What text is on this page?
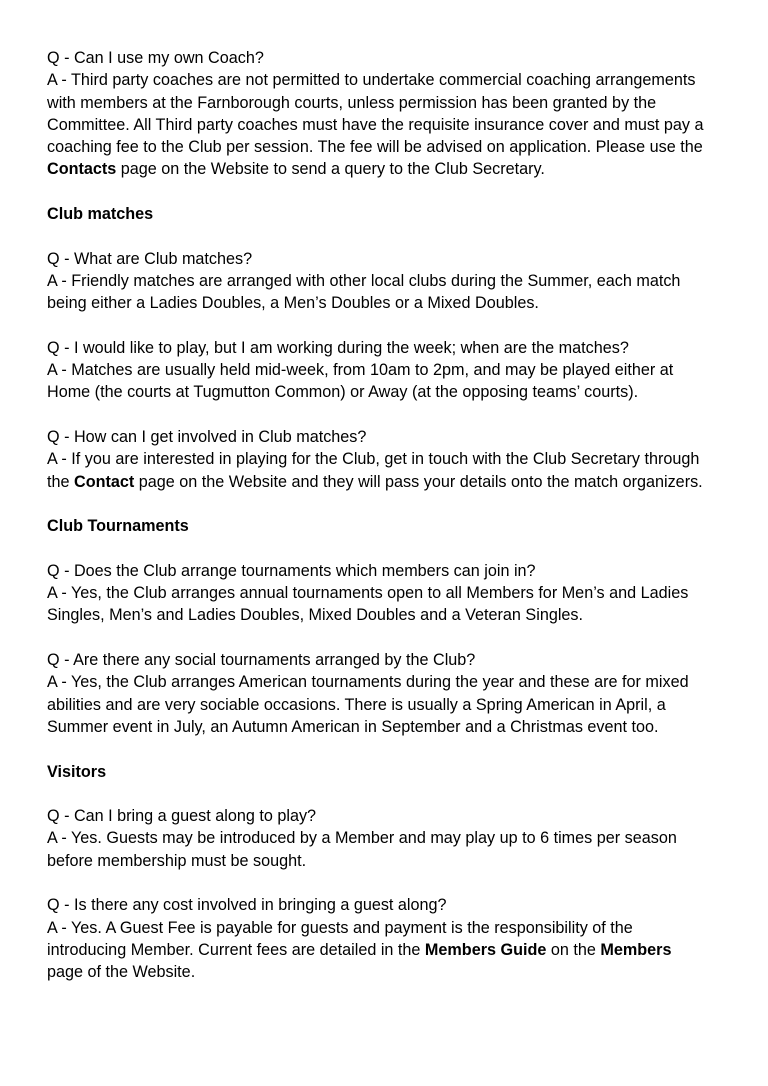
Q - Can I use my own Coach?
A - Third party coaches are not permitted to undertake commercial coaching arrangements
with members at the Farnborough courts, unless permission has been granted by the
Committee. All Third party coaches must have the requisite insurance cover and must pay a
coaching fee to the Club per session. The fee will be advised on application. Please use the
Contacts page on the Website to send a query to the Club Secretary.
Club matches
Q - What are Club matches?
A - Friendly matches are arranged with other local clubs during the Summer, each match
being either a Ladies Doubles, a Men’s Doubles or a Mixed Doubles.
Q - I would like to play, but I am working during the week; when are the matches?
A - Matches are usually held mid-week, from 10am to 2pm, and may be played either at
Home (the courts at Tugmutton Common) or Away (at the opposing teams’ courts).
Q - How can I get involved in Club matches?
A - If you are interested in playing for the Club, get in touch with the Club Secretary through
the Contact page on the Website and they will pass your details onto the match organizers.
Club Tournaments
Q - Does the Club arrange tournaments which members can join in?
A - Yes, the Club arranges annual tournaments open to all Members for Men’s and Ladies
Singles, Men’s and Ladies Doubles, Mixed Doubles and a Veteran Singles.
Q - Are there any social tournaments arranged by the Club?
A - Yes, the Club arranges American tournaments during the year and these are for mixed
abilities and are very sociable occasions. There is usually a Spring American in April, a
Summer event in July, an Autumn American in September and a Christmas event too.
Visitors
Q - Can I bring a guest along to play?
A - Yes. Guests may be introduced by a Member and may play up to 6 times per season
before membership must be sought.
Q - Is there any cost involved in bringing a guest along?
A - Yes. A Guest Fee is payable for guests and payment is the responsibility of the
introducing Member. Current fees are detailed in the Members Guide on the Members
page of the Website.
